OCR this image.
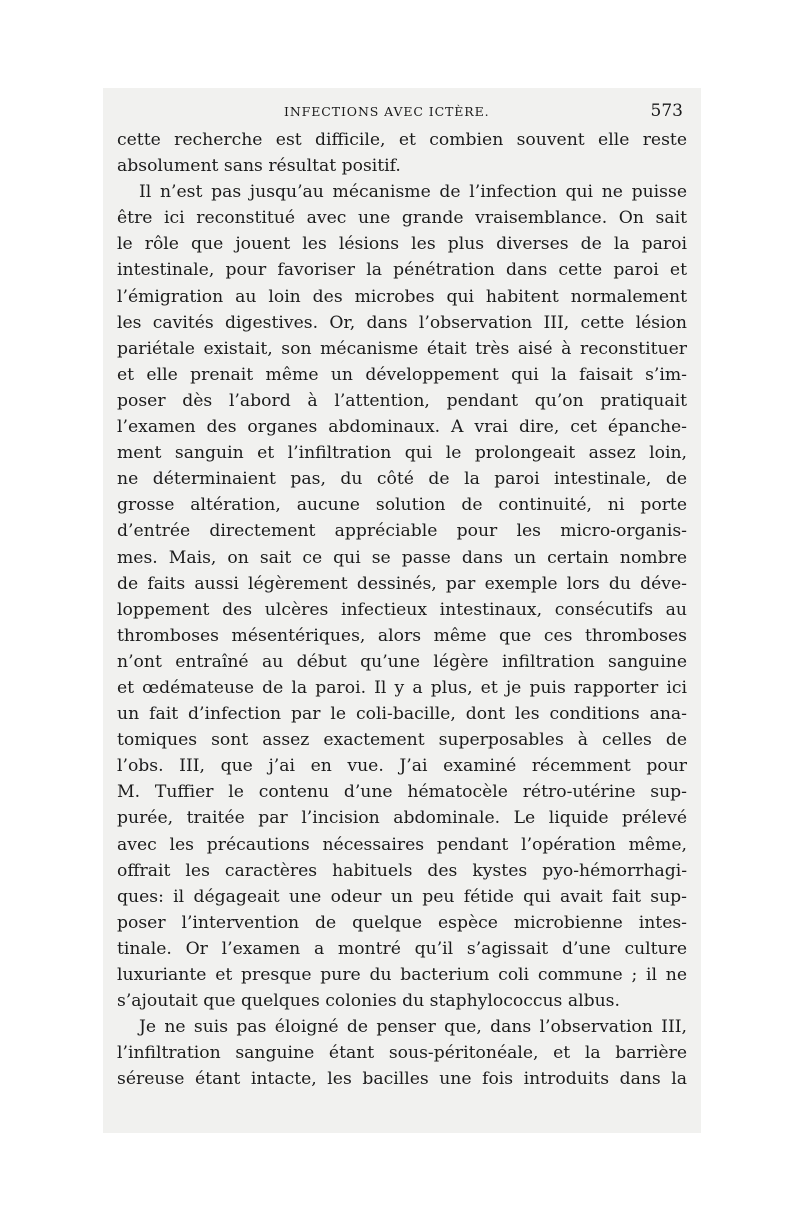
INFECTIONS AVEC ICTÈRE.	573
cette recherche est difficile, et combien souvent elle reste
absolument sans résultat positif.
Il n’est pas jusqu’au mécanisme de l’infection qui ne puisse
être ici reconstitué avec une grande vraisemblance. On sait
le rôle que jouent les lésions les plus diverses de la paroi
intestinale, pour favoriser la pénétration dans cette paroi et
l’émigration au loin des microbes qui habitent normalement
les cavités digestives. Or, dans l’observation III, cette lésion
pariétale existait, son mécanisme était très aisé à reconstituer
et elle prenait même un développement qui la faisait s’im-
poser dès l’abord à l’attention, pendant qu’on pratiquait
l’examen des organes abdominaux. A vrai dire, cet épanche-
ment sanguin et l’infiltration qui le prolongeait assez loin,
ne déterminaient pas, du côté de la paroi intestinale, de
grosse altération, aucune solution de continuité, ni porte
d’entrée directement appréciable pour les micro-organis-
mes. Mais, on sait ce qui se passe dans un certain nombre
de faits aussi légèrement dessinés, par exemple lors du déve-
loppement des ulcères infectieux intestinaux, consécutifs au
thromboses mésentériques, alors même que ces thromboses
n’ont entraîné au début qu’une légère infiltration sanguine
et œdémateuse de la paroi. Il y a plus, et je puis rapporter ici
un fait d’infection par le coli-bacille, dont les conditions ana-
tomiques sont assez exactement superposables à celles de
l’obs. III, que j’ai en vue. J’ai examiné récemment pour
M. Tuffier le contenu d’une hématocèle rétro-utérine sup-
purée, traitée par l’incision abdominale. Le liquide prélevé
avec les précautions nécessaires pendant l’opération même,
offrait les caractères habituels des kystes pyo-hémorrhagi-
ques: il dégageait une odeur un peu fétide qui avait fait sup-
poser l’intervention de quelque espèce microbienne intes-
tinale. Or l’examen a montré qu’il s’agissait d’une culture
luxuriante et presque pure du bacterium coli commune ; il ne
s’ajoutait que quelques colonies du staphylococcus albus.
Je ne suis pas éloigné de penser que, dans l’observation III,
l’infiltration sanguine étant sous-péritonéale, et la barrière
séreuse étant intacte, les bacilles une fois introduits dans la
